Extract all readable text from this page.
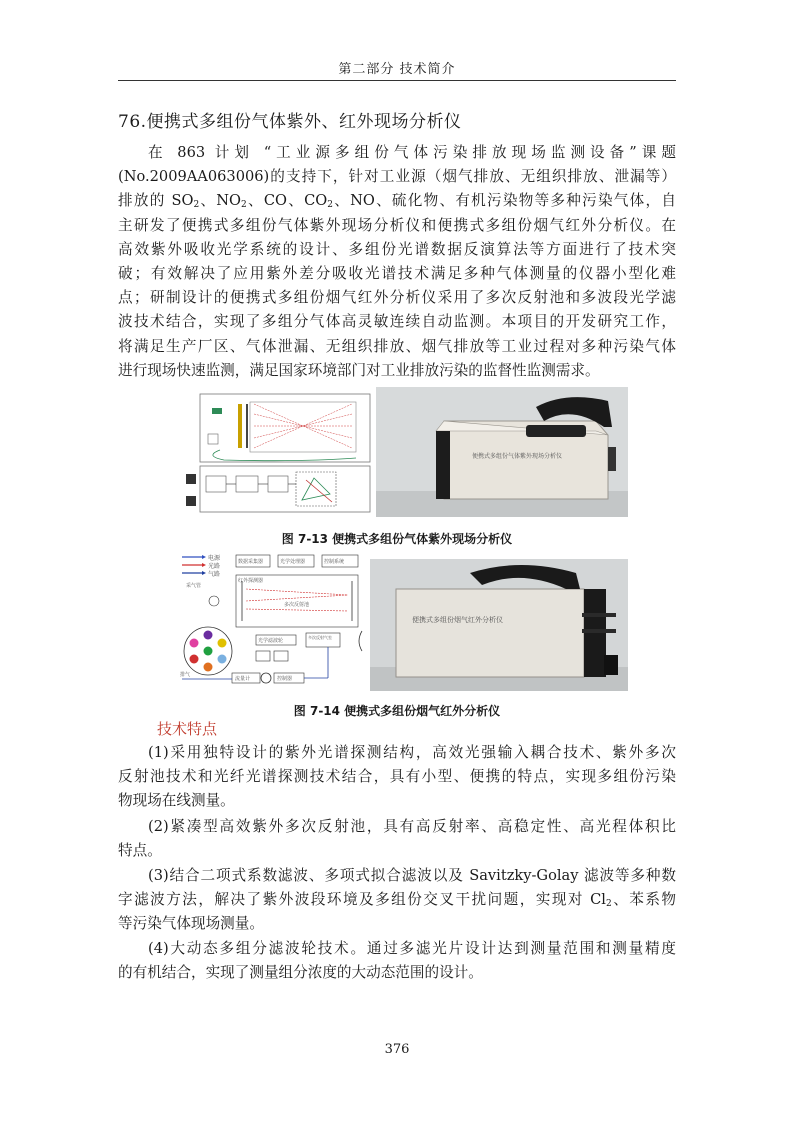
第二部分 技术简介
76.便携式多组份气体紫外、红外现场分析仪
在 863 计划 “工业源多组份气体污染排放现场监测设备”课题
(No.2009AA063006)的支持下，针对工业源（烟气排放、无组织排放、泄漏等）
排放的 $SO_2$、$NO_2$、CO、$CO_2$、NO、硫化物、有机污染物等多种污染气体，自
主研发了便携式多组份气体紫外现场分析仪和便携式多组份烟气红外分析仪。在
高效紫外吸收光学系统的设计、多组份光谱数据反演算法等方面进行了技术突
破；有效解决了应用紫外差分吸收光谱技术满足多种气体测量的仪器小型化难
点；研制设计的便携式多组份烟气红外分析仪采用了多次反射池和多波段光学滤
波技术结合，实现了多组分气体高灵敏连续自动监测。本项目的开发研究工作，
将满足生产厂区、气体泄漏、无组织排放、烟气排放等工业过程对多种污染气体
进行现场快速监测，满足国家环境部门对工业排放污染的监督性监测需求。
便携式多组份气体紫外现场分析仪
图 7-13 便携式多组份气体紫外现场分析仪
电源
光路
气路
数据采集器	光学处理器	控制系统
红外探测器
多次反射池
采气管
光学滤波轮
多次反射气室
排气
流量计	控制器
便携式多组份烟气红外分析仪
图 7-14 便携式多组份烟气红外分析仪
技术特点
(1)采用独特设计的紫外光谱探测结构，高效光强输入耦合技术、紫外多次
反射池技术和光纤光谱探测技术结合，具有小型、便携的特点，实现多组份污染
物现场在线测量。
(2)紧凑型高效紫外多次反射池，具有高反射率、高稳定性、高光程体积比
特点。
(3)结合二项式系数滤波、多项式拟合滤波以及 Savitzky-Golay 滤波等多种数
字滤波方法，解决了紫外波段环境及多组份交叉干扰问题，实现对 $Cl_2$、苯系物
等污染气体现场测量。
(4)大动态多组分滤波轮技术。通过多滤光片设计达到测量范围和测量精度
的有机结合，实现了测量组分浓度的大动态范围的设计。
376
